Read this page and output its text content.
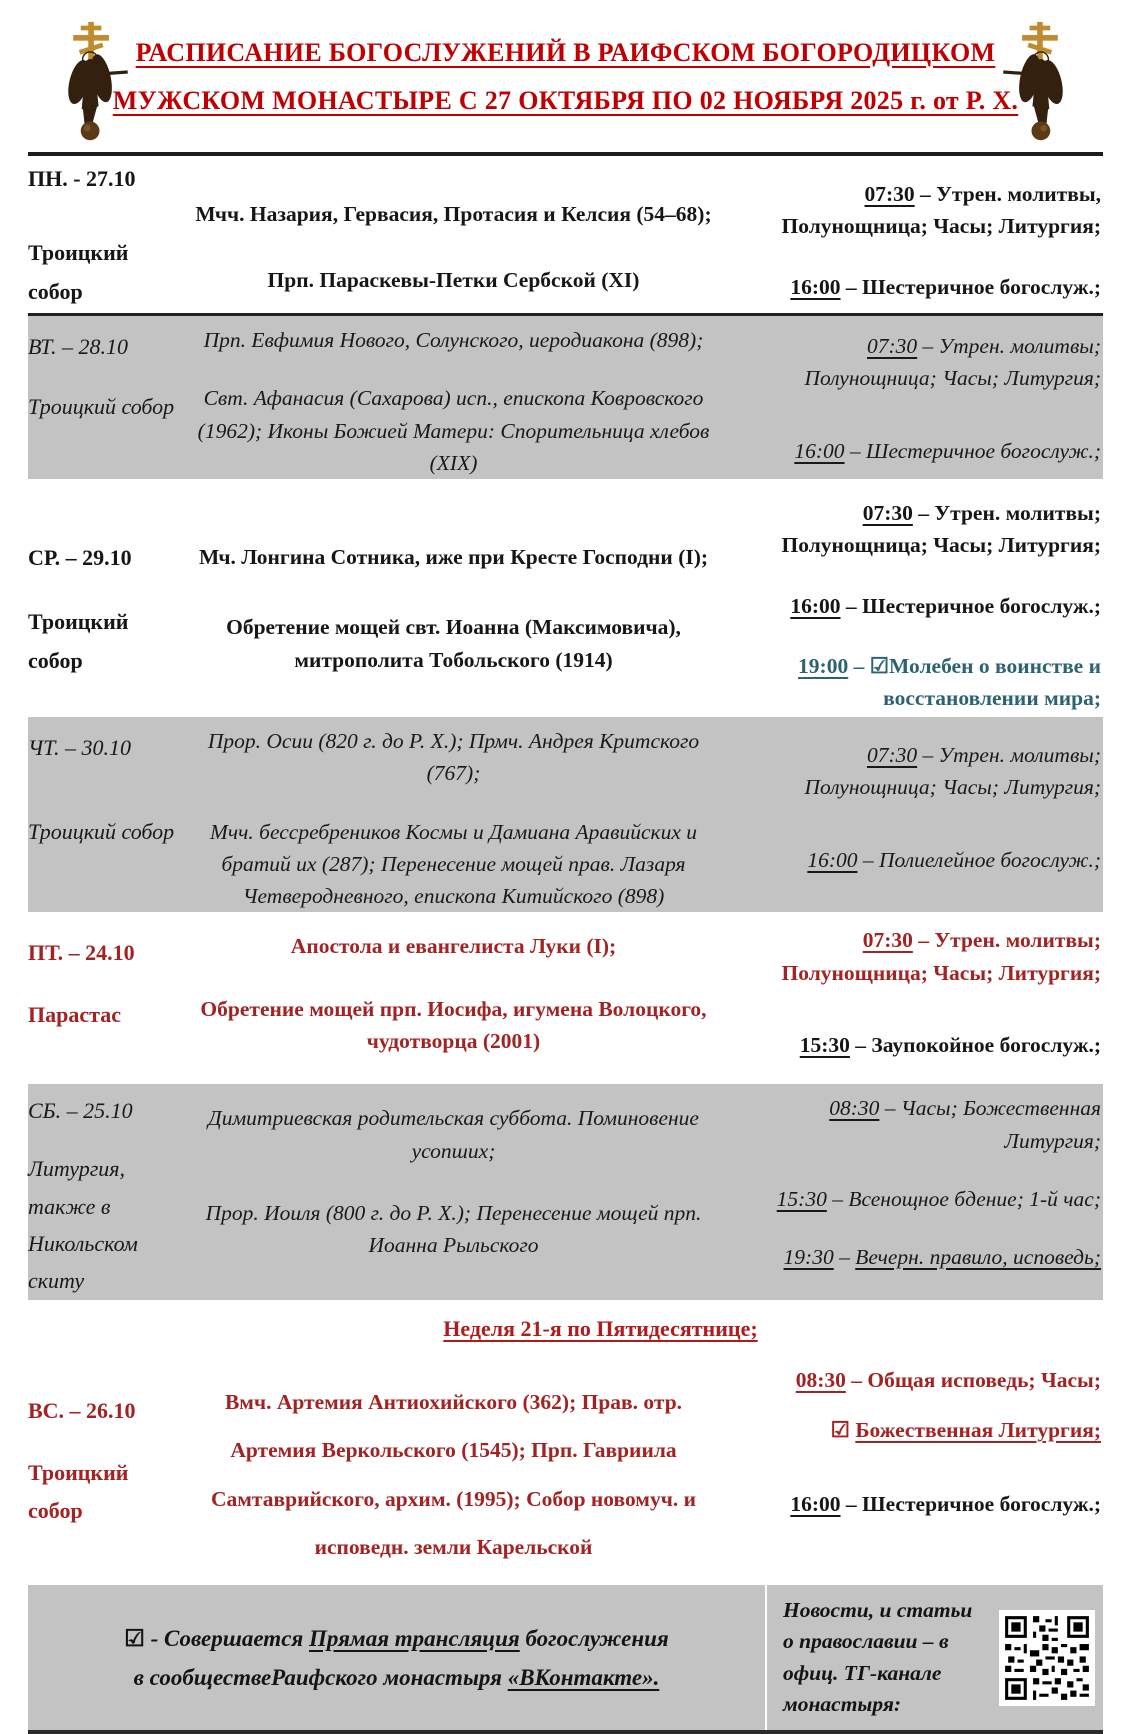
РАСПИСАНИЕ БОГОСЛУЖЕНИЙ В РАИФСКОМ БОГОРОДИЦКОМ
МУЖСКОМ МОНАСТЫРЕ С 27 ОКТЯБРЯ ПО 02 НОЯБРЯ 2025 г. от Р. Х.
ПН. - 27.10
Троицкий собор

Мчч. Назария, Гервасия, Протасия и Келсия (54–68);

Прп. Параскевы-Петки Сербской (XI)

07:30 – Утрен. молитвы, Полунощница; Часы; Литургия;

16:00 – Шестеричное богослуж.;

ВТ. – 28.10
Троицкий собор

Прп. Евфимия Нового, Солунского, иеродиакона (898);

Свт. Афанасия (Сахарова) исп., епископа Ковровского (1962); Иконы Божией Матери: Спорительница хлебов (XIX)

07:30 – Утрен. молитвы; Полунощница; Часы; Литургия;

16:00 – Шестеричное богослуж.;

СР. – 29.10
Троицкий собор

Мч. Лонгина Сотника, иже при Кресте Господни (I);

Обретение мощей свт. Иоанна (Максимовича), митрополита Тобольского (1914)

07:30 – Утрен. молитвы; Полунощница; Часы; Литургия;

16:00 – Шестеричное богослуж.;

19:00 – ☑Молебен о воинстве и восстановлении мира;

ЧТ. – 30.10
Троицкий собор

Прор. Осии (820 г. до Р. Х.); Прмч. Андрея Критского (767);

Мчч. бессребреников Космы и Дамиана Аравийских и братий их (287); Перенесение мощей прав. Лазаря Четверодневного, епископа Китийского (898)

07:30 – Утрен. молитвы; Полунощница; Часы; Литургия;

16:00 – Полиелейное богослуж.;

ПТ. – 24.10
Парастас

Апостола и евангелиста Луки (I);

Обретение мощей прп. Иосифа, игумена Волоцкого, чудотворца (2001)

07:30 – Утрен. молитвы; Полунощница; Часы; Литургия;

15:30 – Заупокойное богослуж.;

СБ. – 25.10
Литургия, также в Никольском скиту

Димитриевская родительская суббота. Поминовение усопших;

Прор. Иоиля (800 г. до Р. Х.); Перенесение мощей прп. Иоанна Рыльского

08:30 – Часы; Божественная Литургия;

15:30 – Всенощное бдение; 1-й час;

19:30 – Вечерн. правило, исповедь;

Неделя 21-я по Пятидесятнице;
ВС. – 26.10
Троицкий собор

Вмч. Артемия Антиохийского (362); Прав. отр. Артемия Веркольского (1545); Прп. Гавриила Самтаврийского, архим. (1995); Собор новомуч. и исповедн. земли Карельской

08:30 – Общая исповедь; Часы;

☑ Божественная Литургия;

16:00 – Шестеричное богослуж.;

☑ - Совершается Прямая трансляция богослужения
в сообществеРаифского монастыря «ВКонтакте».
Новости, и статьи о православии – в офиц. ТГ-канале монастыря:
